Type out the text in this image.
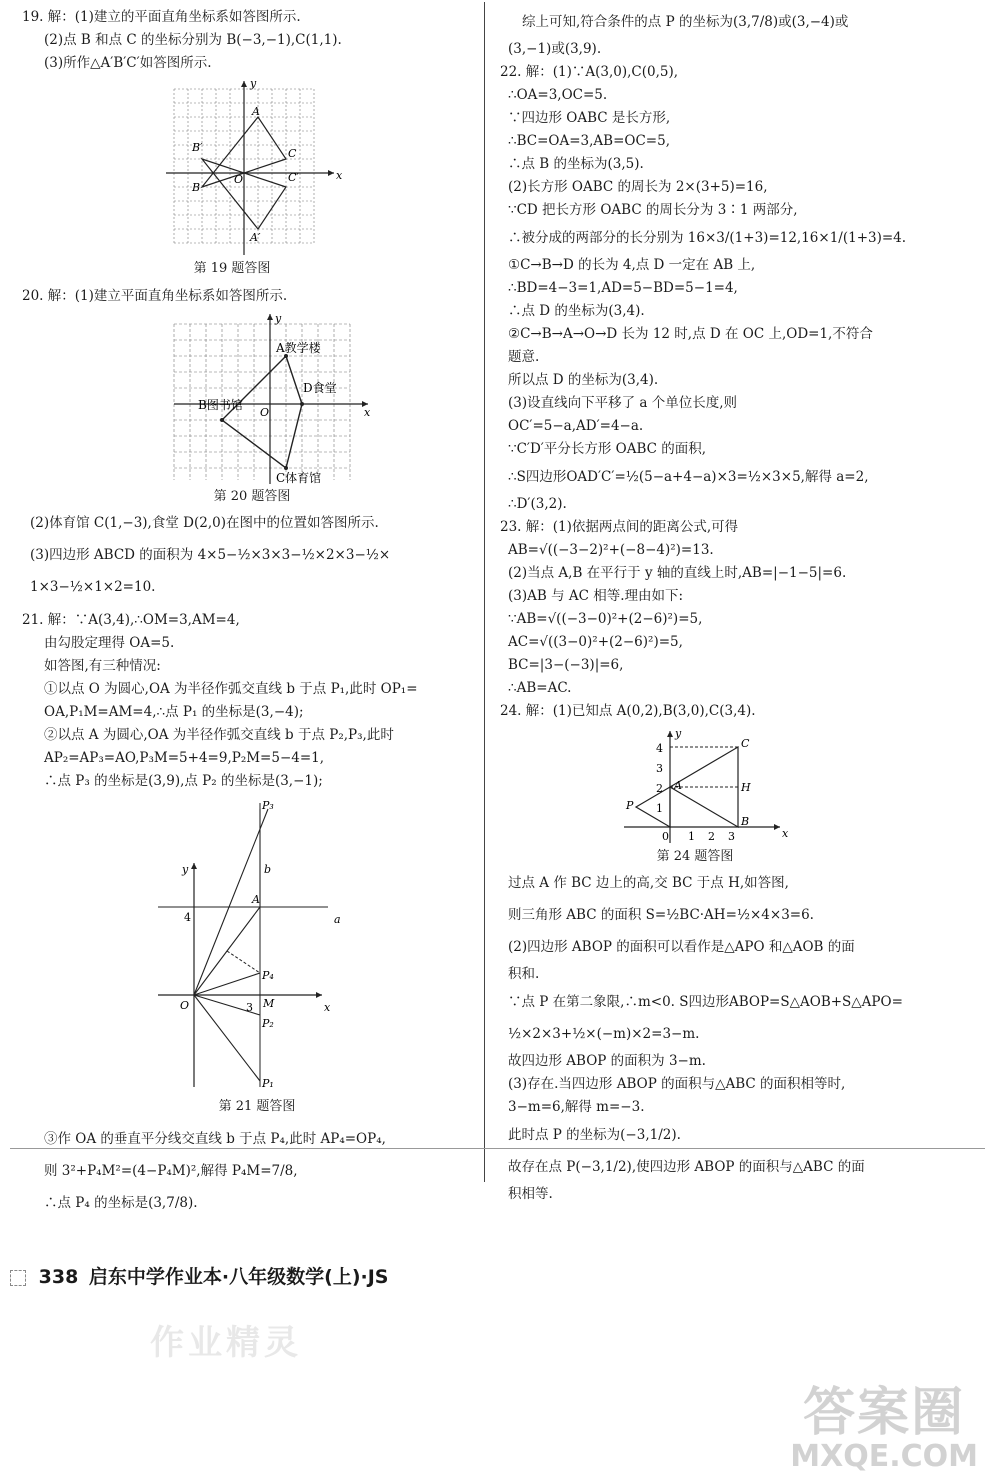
19. 解：(1)建立的平面直角坐标系如答图所示.
(2)点 B 和点 C 的坐标分别为 B(−3,−1),C(1,1).
(3)所作△A′B′C′如答图所示.
x
y
A
B
C
B′
C′
A′
O
第 19 题答图
20. 解：(1)建立平面直角坐标系如答图所示.
x
y
O
A教学楼
B图书馆
C体育馆
D食堂
第 20 题答图
(2)体育馆 C(1,−3),食堂 D(2,0)在图中的位置如答图所示.
(3)四边形 ABCD 的面积为 4×5−½×3×3−½×2×3−½×
1×3−½×1×2=10.
21. 解：∵A(3,4),∴OM=3,AM=4,
由勾股定理得 OA=5.
如答图,有三种情况:
①以点 O 为圆心,OA 为半径作弧交直线 b 于点 P₁,此时 OP₁=
OA,P₁M=AM=4,∴点 P₁ 的坐标是(3,−4);
②以点 A 为圆心,OA 为半径作弧交直线 b 于点 P₂,P₃,此时
AP₂=AP₃=AO,P₃M=5+4=9,P₂M=5−4=1,
∴点 P₃ 的坐标是(3,9),点 P₂ 的坐标是(3,−1);
x
y
a
b
A
O
4
3 M
P₃
P₄
P₂
P₁
第 21 题答图
③作 OA 的垂直平分线交直线 b 于点 P₄,此时 AP₄=OP₄,
则 3²+P₄M²=(4−P₄M)²,解得 P₄M=7/8,
∴点 P₄ 的坐标是(3,7/8).
综上可知,符合条件的点 P 的坐标为(3,7/8)或(3,−4)或
(3,−1)或(3,9).
22. 解：(1)∵A(3,0),C(0,5),
∴OA=3,OC=5.
∵四边形 OABC 是长方形,
∴BC=OA=3,AB=OC=5,
∴点 B 的坐标为(3,5).
(2)长方形 OABC 的周长为 2×(3+5)=16,
∵CD 把长方形 OABC 的周长分为 3∶1 两部分,
∴被分成的两部分的长分别为 16×3/(1+3)=12,16×1/(1+3)=4.
①C→B→D 的长为 4,点 D 一定在 AB 上,
∴BD=4−3=1,AD=5−BD=5−1=4,
∴点 D 的坐标为(3,4).
②C→B→A→O→D 长为 12 时,点 D 在 OC 上,OD=1,不符合
题意.
所以点 D 的坐标为(3,4).
(3)设直线向下平移了 a 个单位长度,则
OC′=5−a,AD′=4−a.
∵C′D′平分长方形 OABC 的面积,
∴S四边形OAD′C′=½(5−a+4−a)×3=½×3×5,解得 a=2,
∴D′(3,2).
23. 解：(1)依据两点间的距离公式,可得
AB=√((−3−2)²+(−8−4)²)=13.
(2)当点 A,B 在平行于 y 轴的直线上时,AB=|−1−5|=6.
(3)AB 与 AC 相等.理由如下:
∵AB=√((−3−0)²+(2−6)²)=5,
AC=√((3−0)²+(2−6)²)=5,
BC=|3−(−3)|=6,
∴AB=AC.
24. 解：(1)已知点 A(0,2),B(3,0),C(3,4).
x
y
4
3
2
1
0 1 2 3
A
B
C
H
P
第 24 题答图
过点 A 作 BC 边上的高,交 BC 于点 H,如答图,
则三角形 ABC 的面积 S=½BC·AH=½×4×3=6.
(2)四边形 ABOP 的面积可以看作是△APO 和△AOB 的面
积和.
∵点 P 在第二象限,∴m<0. S四边形ABOP=S△AOB+S△APO=
½×2×3+½×(−m)×2=3−m.
故四边形 ABOP 的面积为 3−m.
(3)存在.当四边形 ABOP 的面积与△ABC 的面积相等时,
3−m=6,解得 m=−3.
此时点 P 的坐标为(−3,1/2).
故存在点 P(−3,1/2),使四边形 ABOP 的面积与△ABC 的面
积相等.
338 启东中学作业本·八年级数学(上)·JS
作业精灵
答案圈
MXQE.COM
